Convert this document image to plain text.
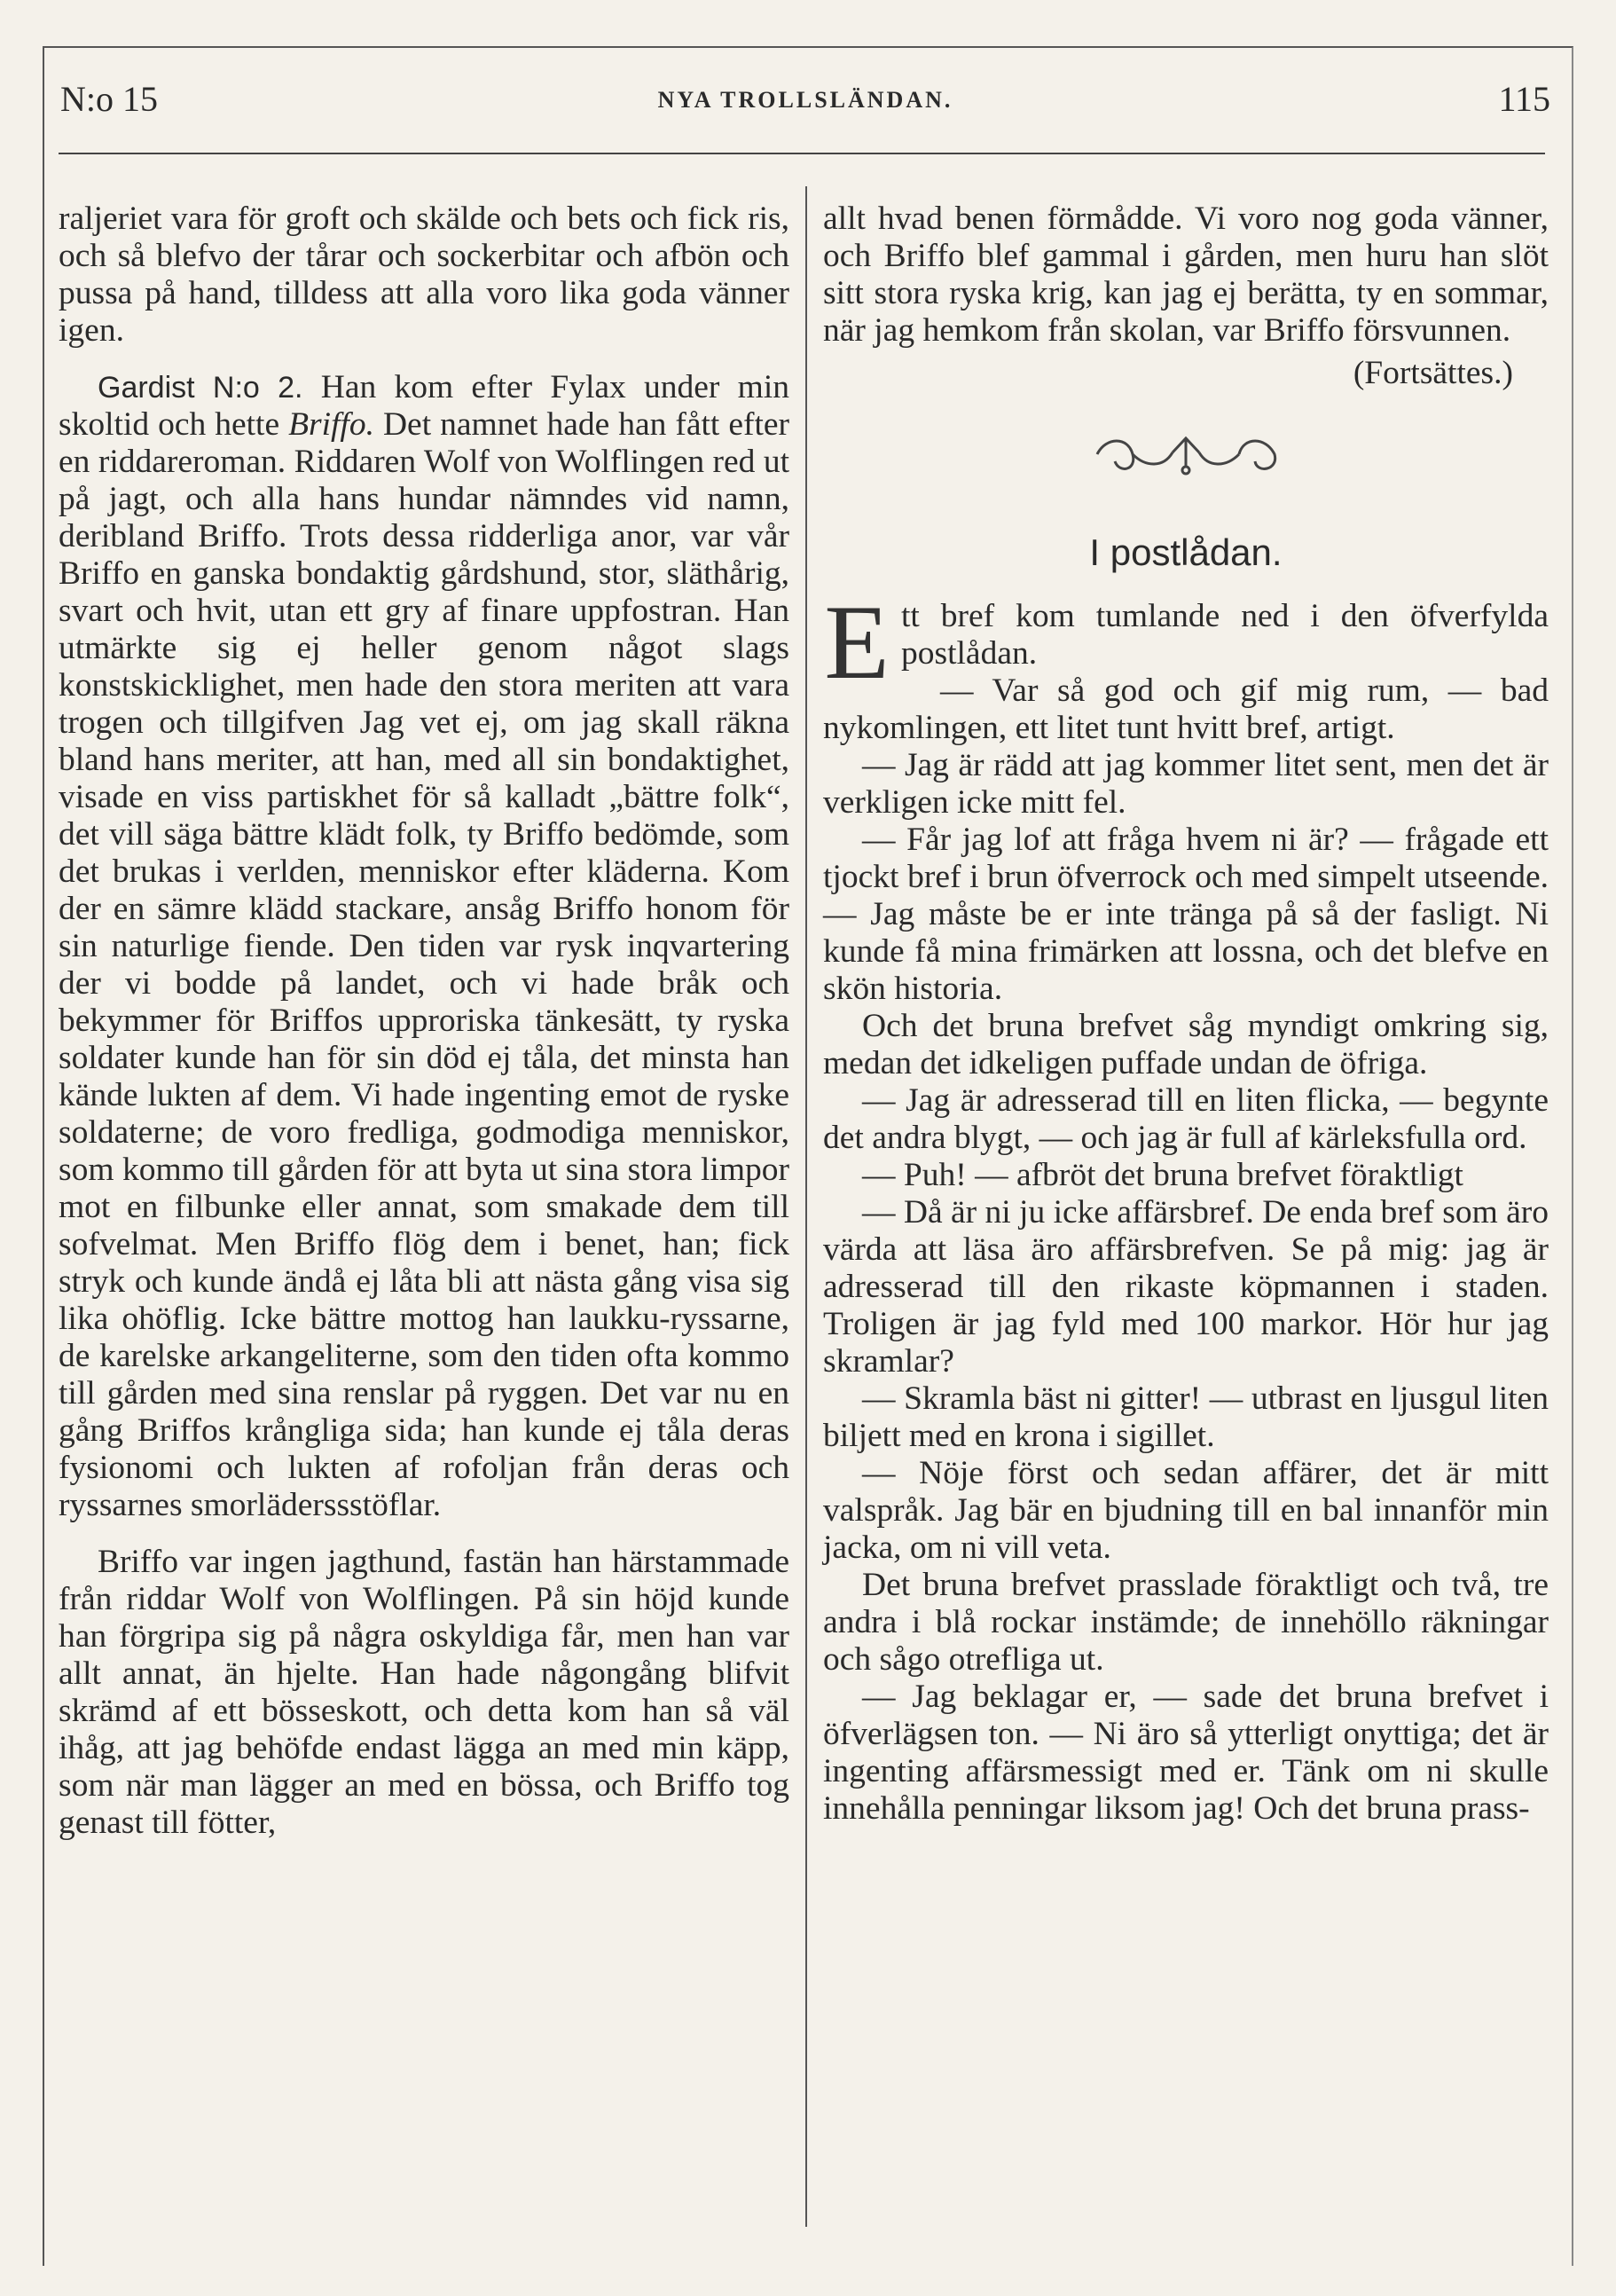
N:o 15	NYA TROLLSLÄNDAN.	115

raljeriet vara för groft och skälde och bets och fick ris, och så blefvo der tårar och sockerbitar och afbön och pussa på hand, tilldess att alla voro lika goda vänner igen.

Gardist N:o 2. Han kom efter Fylax under min skoltid och hette Briffo. Det namnet hade han fått efter en riddareroman. Riddaren Wolf von Wolflingen red ut på jagt, och alla hans hundar nämndes vid namn, deribland Briffo. Trots dessa ridderliga anor, var vår Briffo en ganska bondaktig gårdshund, stor, släthårig, svart och hvit, utan ett gry af finare uppfostran. Han utmärkte sig ej heller genom något slags konstskicklighet, men hade den stora meriten att vara trogen och tillgifven Jag vet ej, om jag skall räkna bland hans meriter, att han, med all sin bondaktighet, visade en viss partiskhet för så kalladt „bättre folk“, det vill säga bättre klädt folk, ty Briffo bedömde, som det brukas i verlden, menniskor efter kläderna. Kom der en sämre klädd stackare, ansåg Briffo honom för sin naturlige fiende. Den tiden var rysk inqvartering der vi bodde på landet, och vi hade bråk och bekymmer för Briffos upproriska tänkesätt, ty ryska soldater kunde han för sin död ej tåla, det minsta han kände lukten af dem. Vi hade ingenting emot de ryske soldaterne; de voro fredliga, godmodiga menniskor, som kommo till gården för att byta ut sina stora limpor mot en filbunke eller annat, som smakade dem till sofvelmat. Men Briffo flög dem i benet, han; fick stryk och kunde ändå ej låta bli att nästa gång visa sig lika ohöflig. Icke bättre mottog han laukku-ryssarne, de karelske arkangeliterne, som den tiden ofta kommo till gården med sina renslar på ryggen. Det var nu en gång Briffos krångliga sida; han kunde ej tåla deras fysionomi och lukten af rofoljan från deras och ryssarnes smorläderssstöflar.

Briffo var ingen jagthund, fastän han härstammade från riddar Wolf von Wolflingen. På sin höjd kunde han förgripa sig på några oskyldiga får, men han var allt annat, än hjelte. Han hade någongång blifvit skrämd af ett bösseskott, och detta kom han så väl ihåg, att jag behöfde endast lägga an med min käpp, som när man lägger an med en bössa, och Briffo tog genast till fötter,

allt hvad benen förmådde. Vi voro nog goda vänner, och Briffo blef gammal i gården, men huru han slöt sitt stora ryska krig, kan jag ej berätta, ty en sommar, när jag hemkom från skolan, var Briffo försvunnen.

(Fortsättes.)

I postlådan.

Ett bref kom tumlande ned i den öfverfylda postlådan.

— Var så god och gif mig rum, — bad nykomlingen, ett litet tunt hvitt bref, artigt.

— Jag är rädd att jag kommer litet sent, men det är verkligen icke mitt fel.

— Får jag lof att fråga hvem ni är? — frågade ett tjockt bref i brun öfverrock och med simpelt utseende. — Jag måste be er inte tränga på så der fasligt. Ni kunde få mina frimärken att lossna, och det blefve en skön historia.

Och det bruna brefvet såg myndigt omkring sig, medan det idkeligen puffade undan de öfriga.

— Jag är adresserad till en liten flicka, — begynte det andra blygt, — och jag är full af kärleksfulla ord.

— Puh! — afbröt det bruna brefvet föraktligt

— Då är ni ju icke affärsbref. De enda bref som äro värda att läsa äro affärsbrefven. Se på mig: jag är adresserad till den rikaste köpmannen i staden. Troligen är jag fyld med 100 markor. Hör hur jag skramlar?

— Skramla bäst ni gitter! — utbrast en ljusgul liten biljett med en krona i sigillet.

— Nöje först och sedan affärer, det är mitt valspråk. Jag bär en bjudning till en bal innanför min jacka, om ni vill veta.

Det bruna brefvet prasslade föraktligt och två, tre andra i blå rockar instämde; de innehöllo räkningar och sågo otrefliga ut.

— Jag beklagar er, — sade det bruna brefvet i öfverlägsen ton. — Ni äro så ytterligt onyttiga; det är ingenting affärsmessigt med er. Tänk om ni skulle innehålla penningar liksom jag! Och det bruna prass-
